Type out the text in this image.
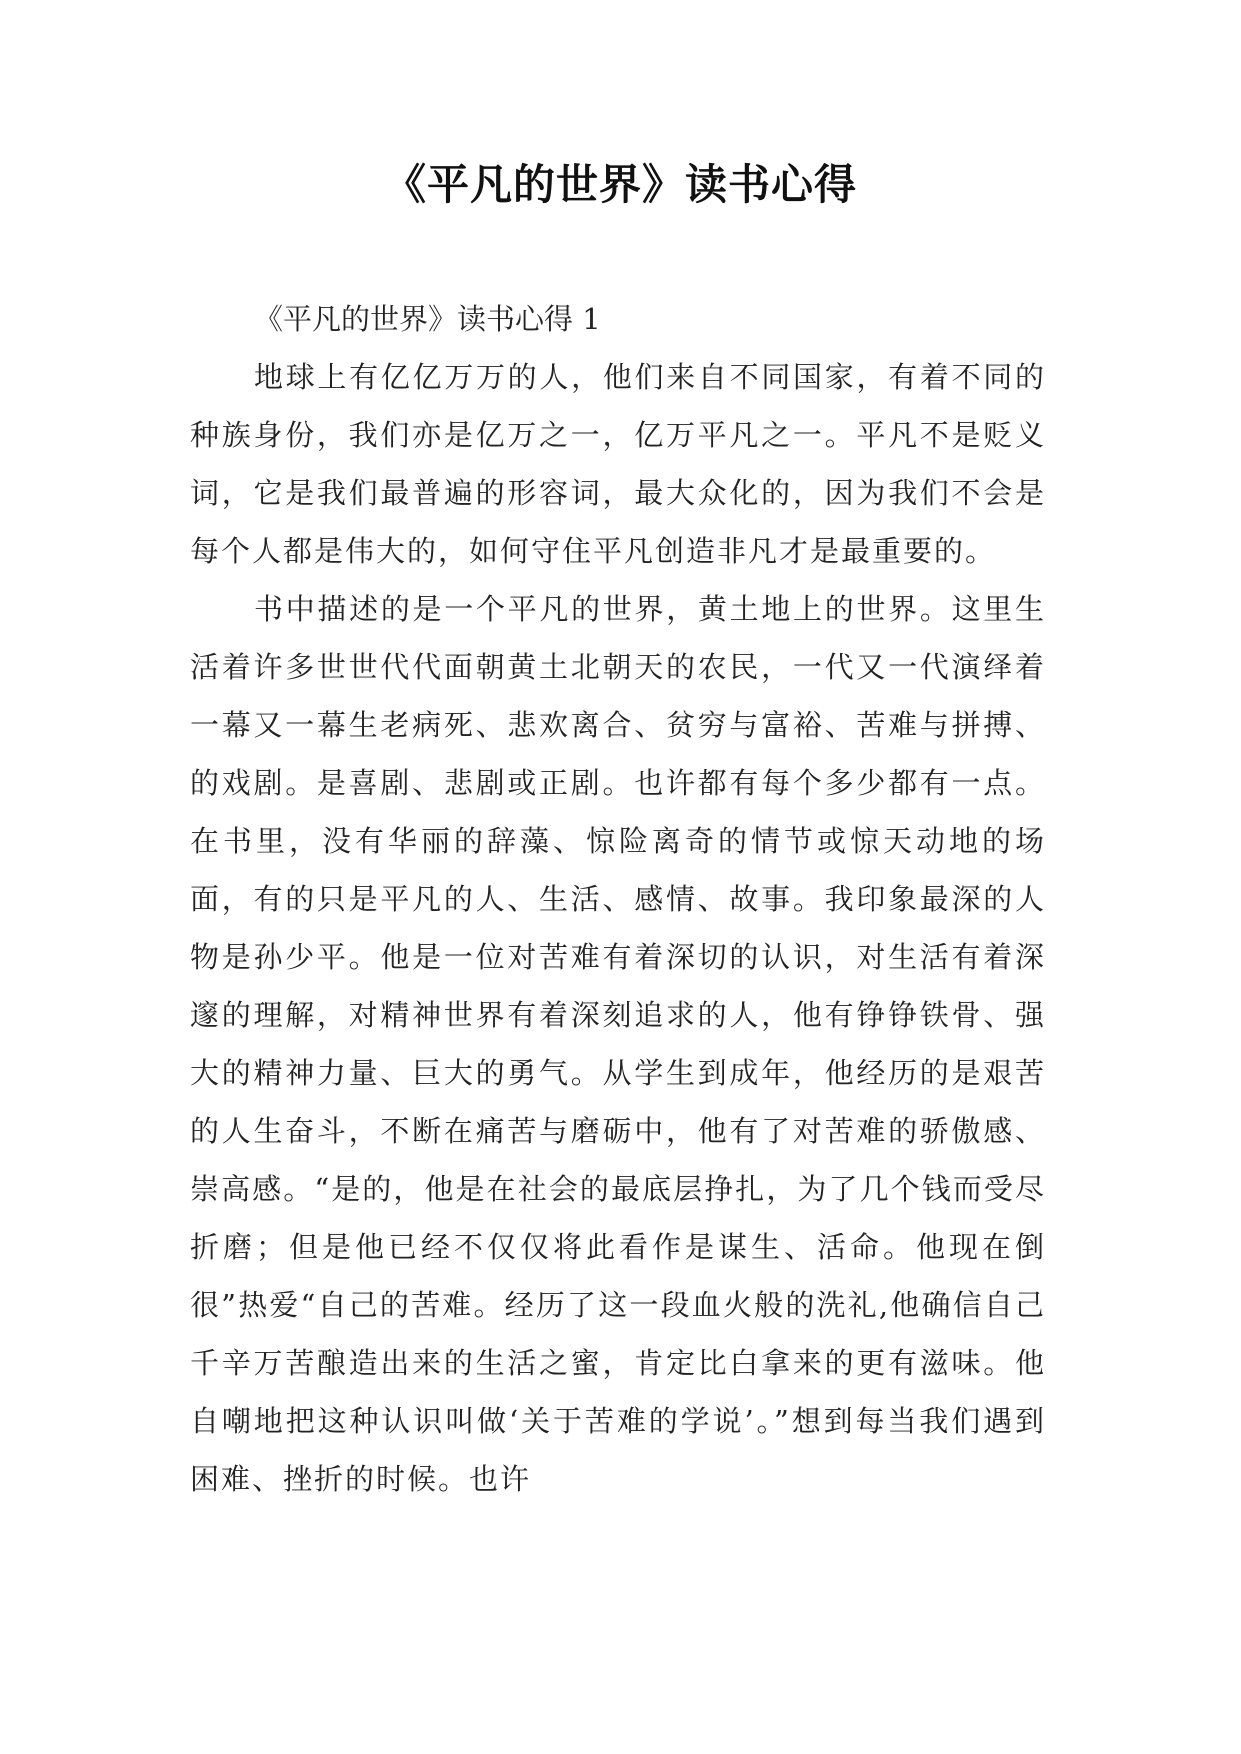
《平凡的世界》读书心得

《平凡的世界》读书心得 1

地球上有亿亿万万的人，他们来自不同国家，有着不同的种族身份，我们亦是亿万之一，亿万平凡之一。平凡不是贬义词，它是我们最普遍的形容词，最大众化的，因为我们不会是每个人都是伟大的，如何守住平凡创造非凡才是最重要的。

书中描述的是一个平凡的世界，黄土地上的世界。这里生活着许多世世代代面朝黄土北朝天的农民，一代又一代演绎着一幕又一幕生老病死、悲欢离合、贫穷与富裕、苦难与拼搏、的戏剧。是喜剧、悲剧或正剧。也许都有每个多少都有一点。在书里，没有华丽的辞藻、惊险离奇的情节或惊天动地的场面，有的只是平凡的人、生活、感情、故事。我印象最深的人物是孙少平。他是一位对苦难有着深切的认识，对生活有着深邃的理解，对精神世界有着深刻追求的人，他有铮铮铁骨、强大的精神力量、巨大的勇气。从学生到成年，他经历的是艰苦的人生奋斗，不断在痛苦与磨砺中，他有了对苦难的骄傲感、崇高感。“是的，他是在社会的最底层挣扎，为了几个钱而受尽折磨；但是他已经不仅仅将此看作是谋生、活命。他现在倒很”热爱“自己的苦难。经历了这一段血火般的洗礼,他确信自己千辛万苦酿造出来的生活之蜜，肯定比白拿来的更有滋味。他自嘲地把这种认识叫做‘关于苦难的学说’。”想到每当我们遇到困难、挫折的时候。也许
